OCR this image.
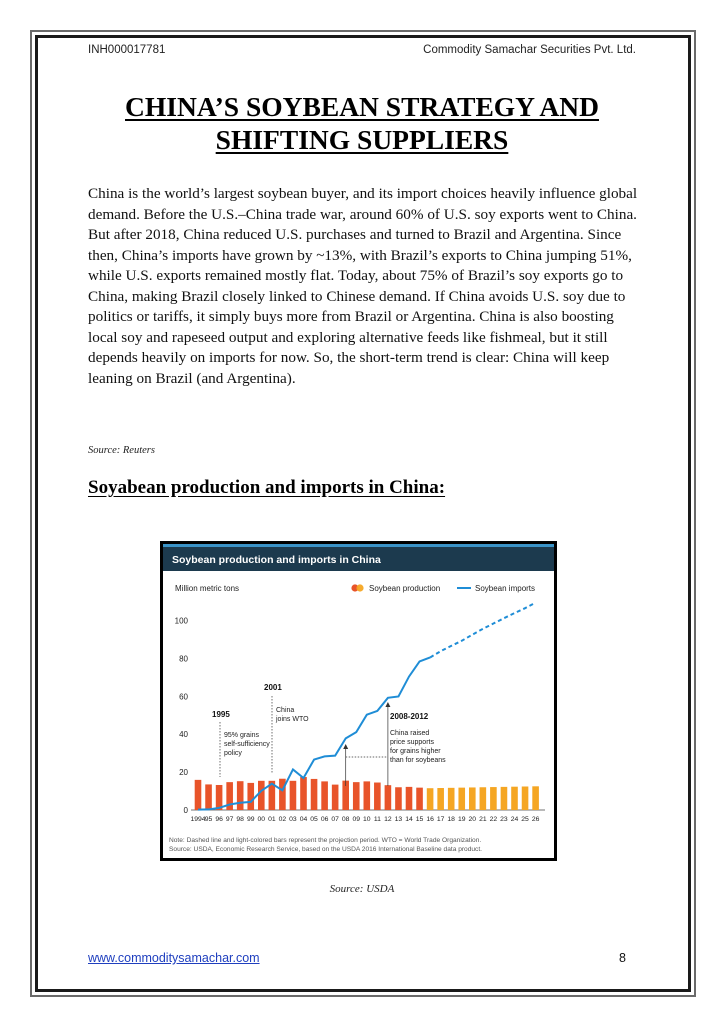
INH000017781	Commodity Samachar Securities Pvt. Ltd.
CHINA’S SOYBEAN STRATEGY AND
SHIFTING SUPPLIERS

China is the world’s largest soybean buyer, and its import choices heavily influence global demand. Before the U.S.–China trade war, around 60% of U.S. soy exports went to China. But after 2018, China reduced U.S. purchases and turned to Brazil and Argentina. Since then, China’s imports have grown by ~13%, with Brazil’s exports to China jumping 51%, while U.S. exports remained mostly flat. Today, about 75% of Brazil’s soy exports go to China, making Brazil closely linked to Chinese demand. If China avoids U.S. soy due to politics or tariffs, it simply buys more from Brazil or Argentina. China is also boosting local soy and rapeseed output and exploring alternative feeds like fishmeal, but it still depends heavily on imports for now. So, the short-term trend is clear: China will keep leaning on Brazil (and Argentina).

Source: Reuters
Soyabean production and imports in China:
Soybean production and imports in China
Million metric tons	Soybean production	Soybean imports
0
20
40
60
80
100
1995
95% grains
self-sufficiency
policy
2001
China
joins WTO	2008-2012
China raised
price supports
for grains higher
than for soybeans
1994 95 96 97 98 99 00 01 02 03 04 05 06 07 08 09 10 11 12 13 14 15 16 17 18 19 20 21 22 23 24 25 26
Note: Dashed line and light-colored bars represent the projection period. WTO = World Trade Organization.
Source: USDA, Economic Research Service, based on the USDA 2016 International Baseline data product.
Source: USDA
www.commoditysamachar.com	8
